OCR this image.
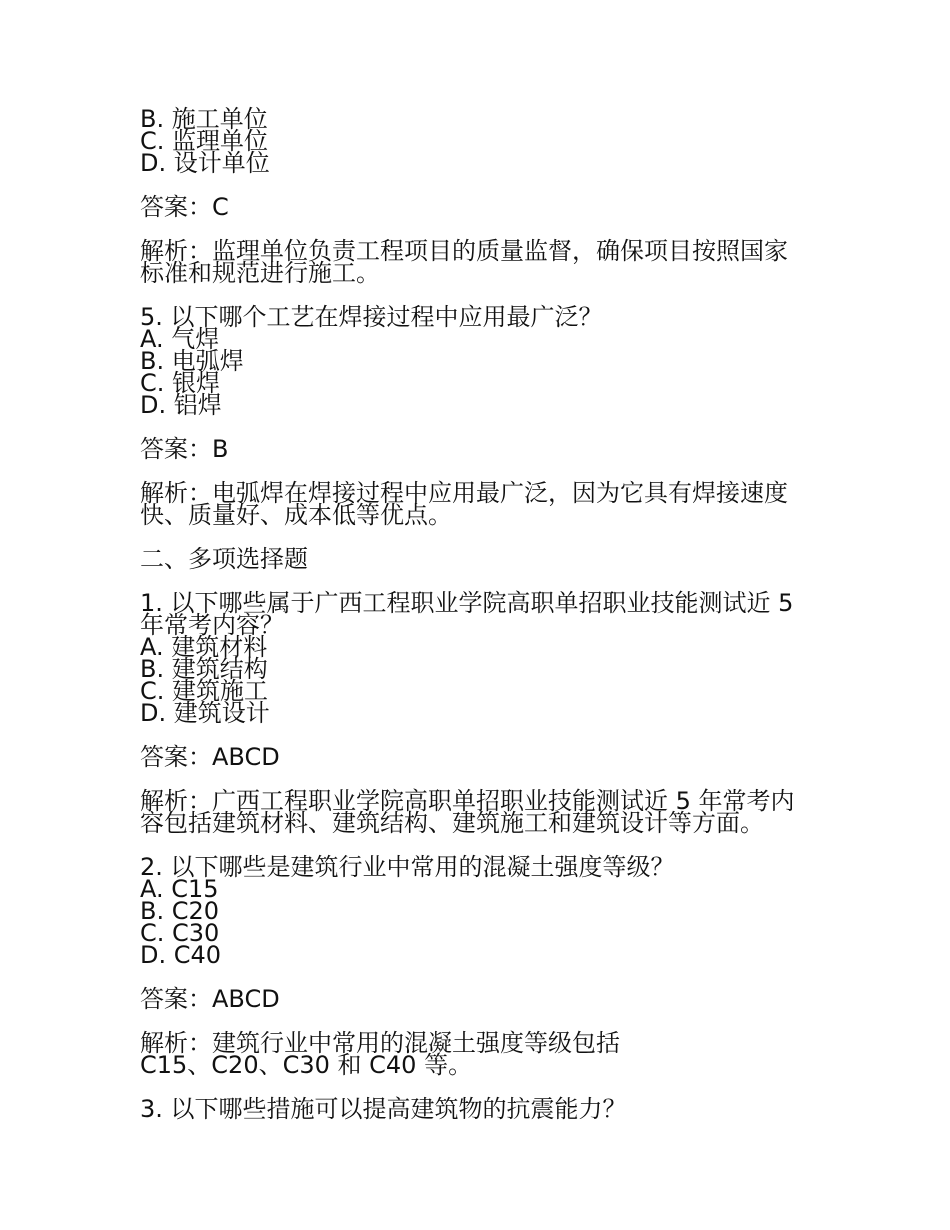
B. 施工单位
C. 监理单位
D. 设计单位
答案：C
解析：监理单位负责工程项目的质量监督，确保项目按照国家
标准和规范进行施工。
5. 以下哪个工艺在焊接过程中应用最广泛？
A. 气焊
B. 电弧焊
C. 银焊
D. 铝焊
答案：B
解析：电弧焊在焊接过程中应用最广泛，因为它具有焊接速度
快、质量好、成本低等优点。
二、多项选择题
1. 以下哪些属于广西工程职业学院高职单招职业技能测试近 5
年常考内容？
A. 建筑材料
B. 建筑结构
C. 建筑施工
D. 建筑设计
答案：ABCD
解析：广西工程职业学院高职单招职业技能测试近 5 年常考内
容包括建筑材料、建筑结构、建筑施工和建筑设计等方面。
2. 以下哪些是建筑行业中常用的混凝土强度等级？
A. C15
B. C20
C. C30
D. C40
答案：ABCD
解析：建筑行业中常用的混凝土强度等级包括
C15、C20、C30 和 C40 等。
3. 以下哪些措施可以提高建筑物的抗震能力？
